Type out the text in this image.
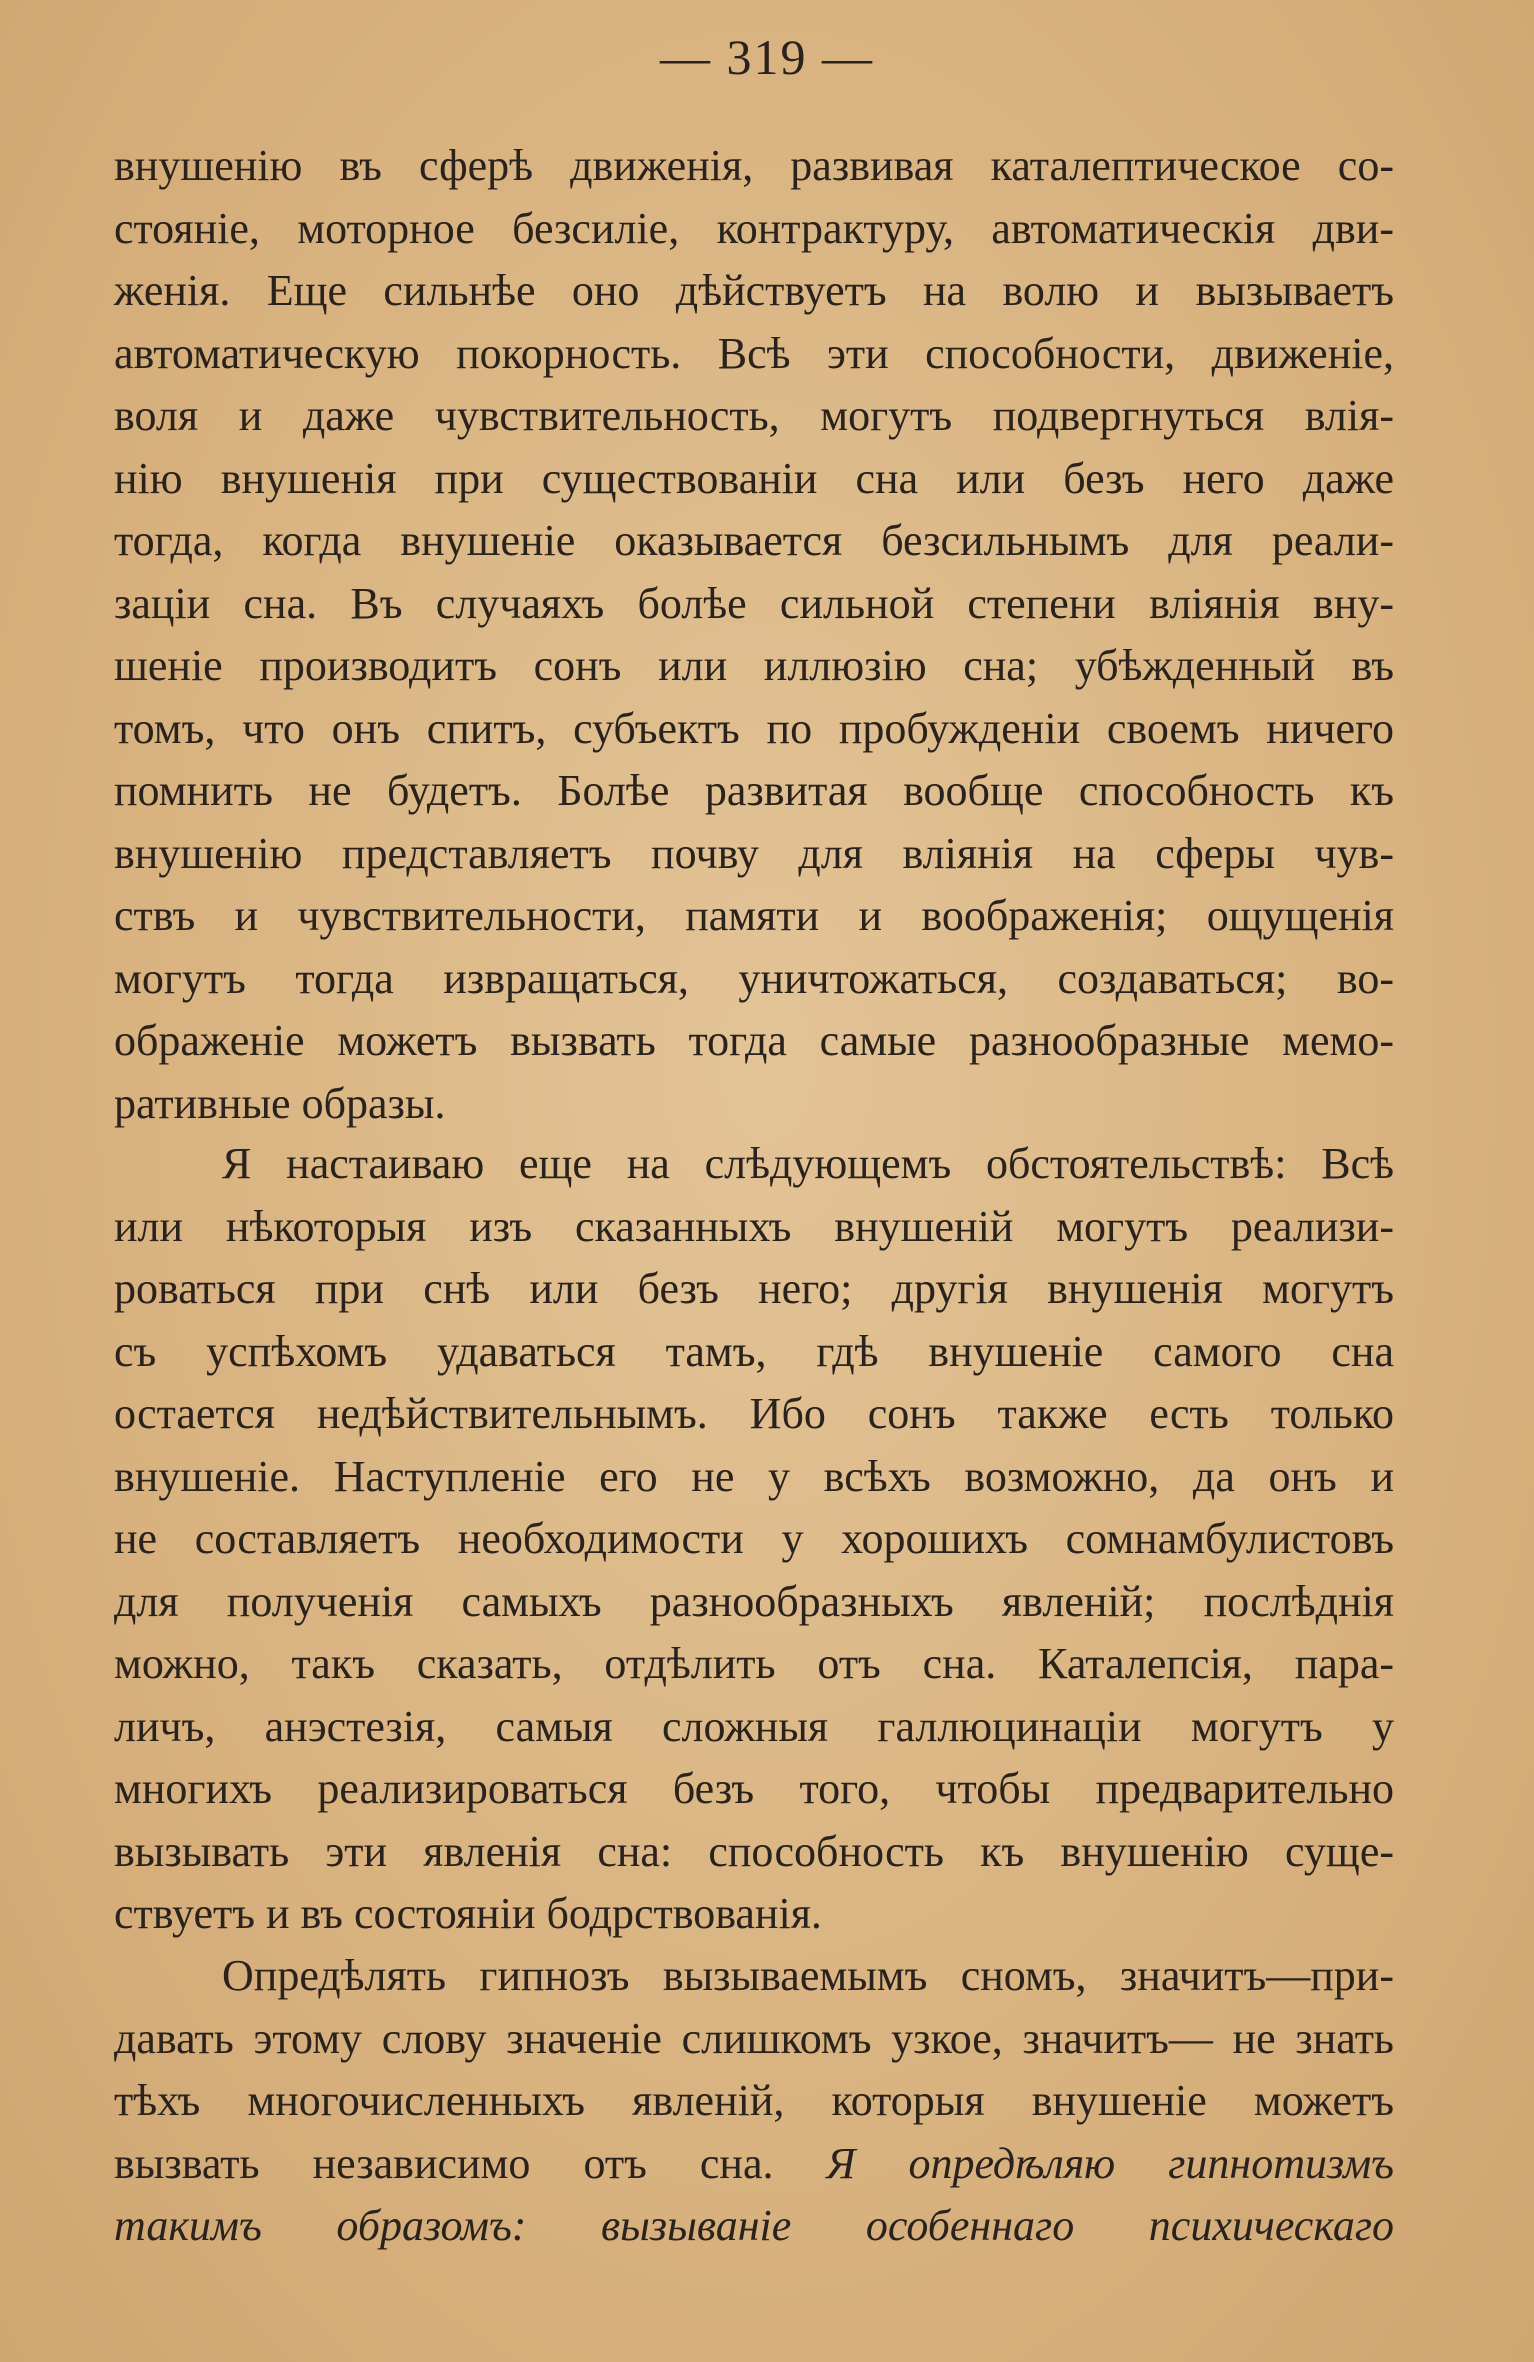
— 319 —
внушенію въ сферѣ движенія, развивая каталептическое со-
стояніе, моторное безсиліе, контрактуру, автоматическія дви-
женія. Еще сильнѣе оно дѣйствуетъ на волю и вызываетъ
автоматическую покорность. Всѣ эти способности, движеніе,
воля и даже чувствительность, могутъ подвергнуться влія-
нію внушенія при существованіи сна или безъ него даже
тогда, когда внушеніе оказывается безсильнымъ для реали-
заціи сна. Въ случаяхъ болѣе сильной степени вліянія вну-
шеніе производитъ сонъ или иллюзію сна; убѣжденный въ
томъ, что онъ спитъ, субъектъ по пробужденіи своемъ ничего
помнить не будетъ. Болѣе развитая вообще способность къ
внушенію представляетъ почву для вліянія на сферы чув-
ствъ и чувствительности, памяти и воображенія; ощущенія
могутъ тогда извращаться, уничтожаться, создаваться; во-
ображеніе можетъ вызвать тогда самые разнообразные мемо-
ративные образы.
Я настаиваю еще на слѣдующемъ обстоятельствѣ: Всѣ
или нѣкоторыя изъ сказанныхъ внушеній могутъ реализи-
роваться при снѣ или безъ него; другія внушенія могутъ
съ успѣхомъ удаваться тамъ, гдѣ внушеніе самого сна
остается недѣйствительнымъ. Ибо сонъ также есть только
внушеніе. Наступленіе его не у всѣхъ возможно, да онъ и
не составляетъ необходимости у хорошихъ сомнамбулистовъ
для полученія самыхъ разнообразныхъ явленій; послѣднія
можно, такъ сказать, отдѣлить отъ сна. Каталепсія, пара-
личъ, анэстезія, самыя сложныя галлюцинаціи могутъ у
многихъ реализироваться безъ того, чтобы предварительно
вызывать эти явленія сна: способность къ внушенію суще-
ствуетъ и въ состояніи бодрствованія.
Опредѣлять гипнозъ вызываемымъ сномъ, значитъ—при-
давать этому слову значеніе слишкомъ узкое, значитъ— не знать
тѣхъ многочисленныхъ явленій, которыя внушеніе можетъ
вызвать независимо отъ сна. Я опредѣляю гипнотизмъ
такимъ образомъ: вызываніе особеннаго психическаго
